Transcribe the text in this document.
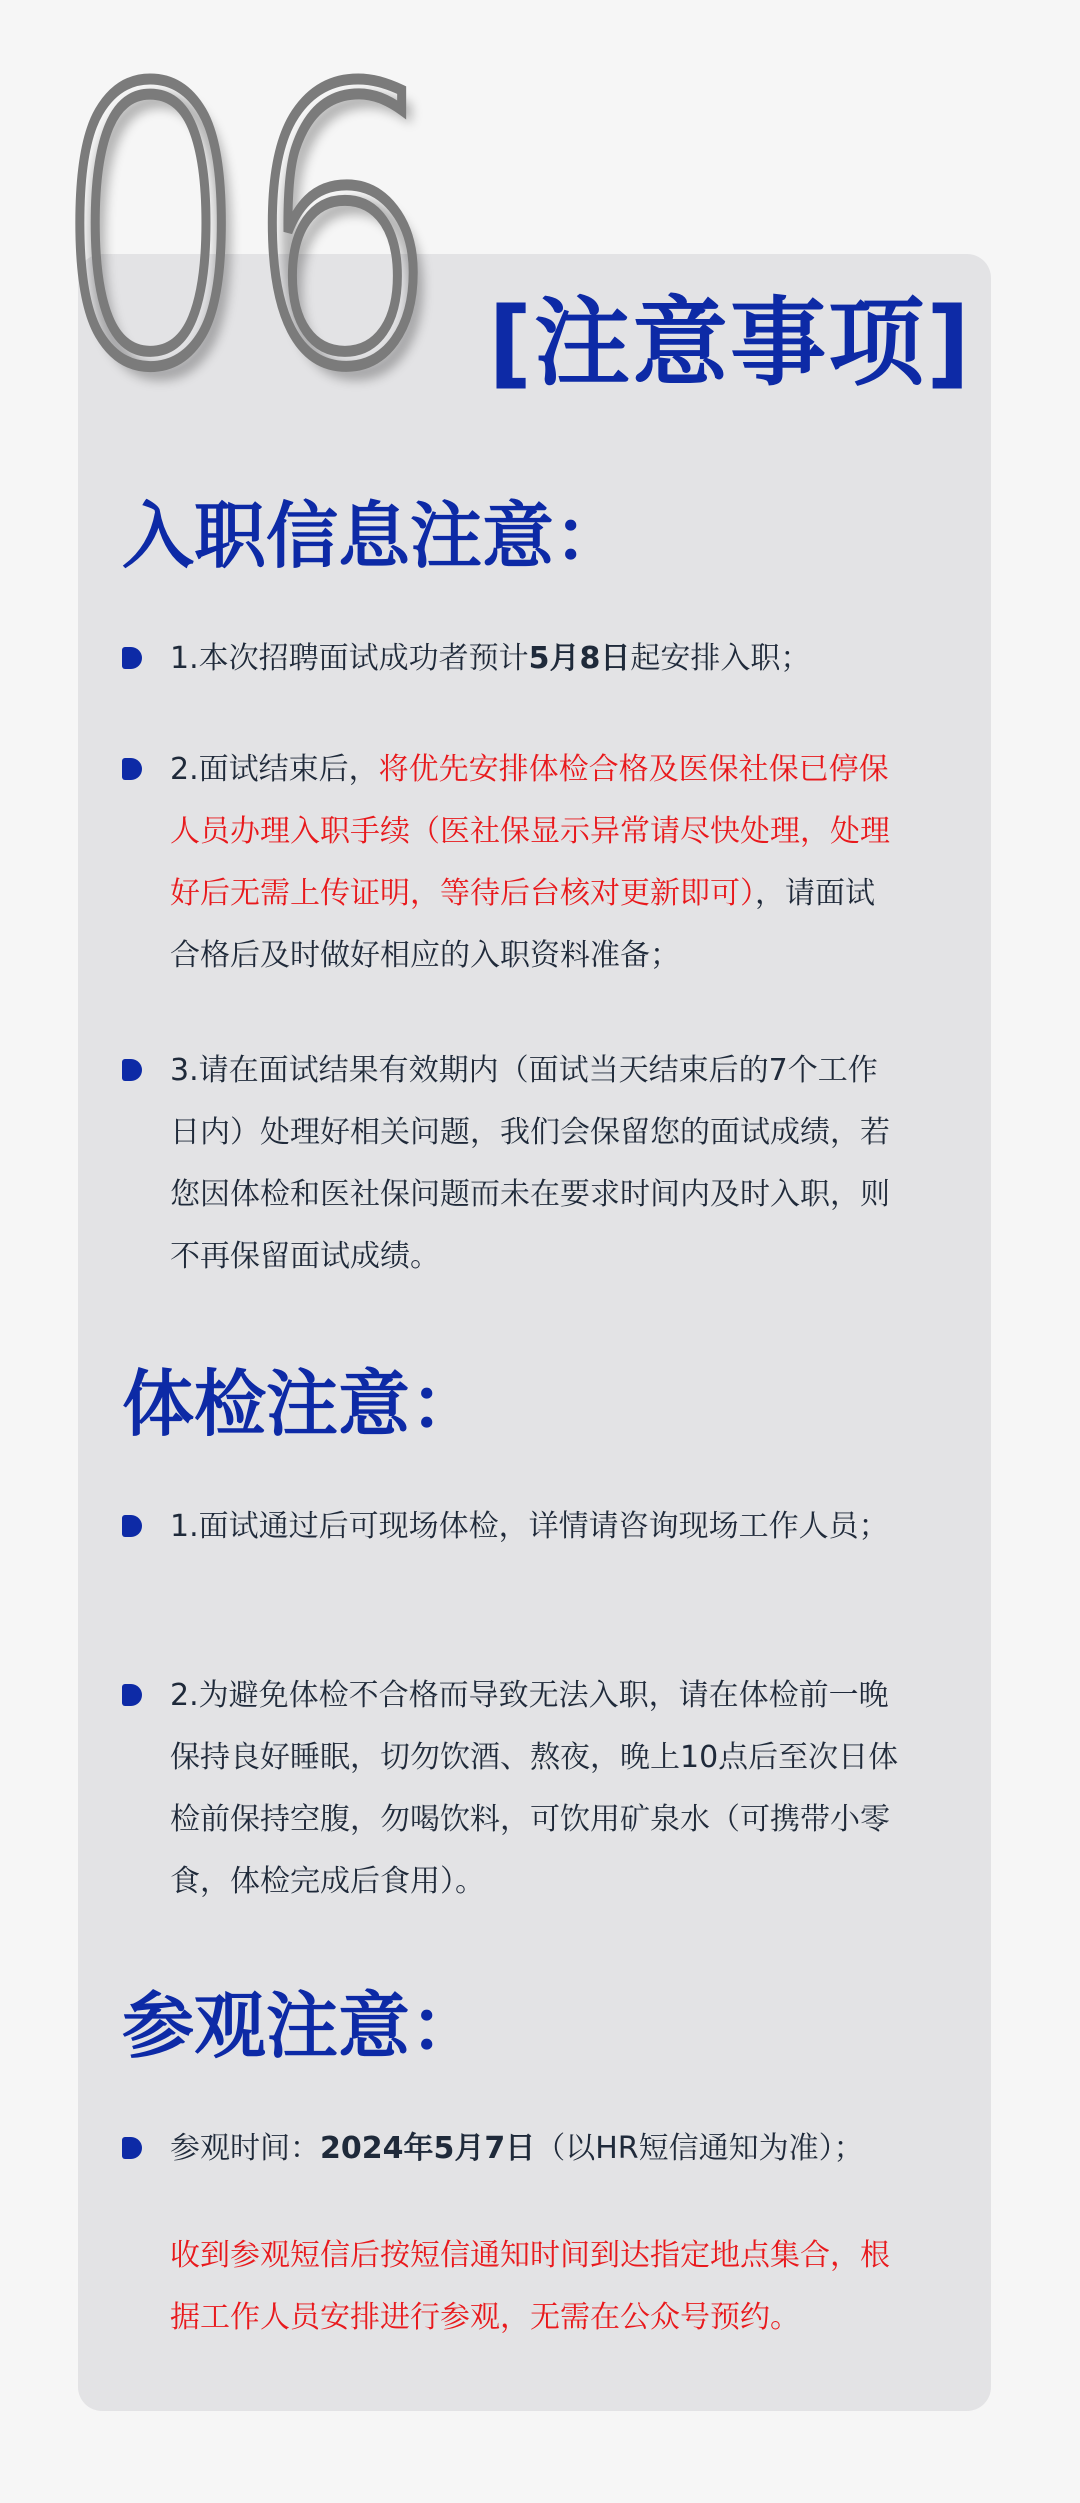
06 [注意事项]
入职信息注意：
1.本次招聘面试成功者预计5月8日起安排入职；
2.面试结束后，将优先安排体检合格及医保社保已停保人员办理入职手续（医社保显示异常请尽快处理，处理好后无需上传证明，等待后台核对更新即可），请面试合格后及时做好相应的入职资料准备；
3.请在面试结果有效期内（面试当天结束后的7个工作日内）处理好相关问题，我们会保留您的面试成绩，若您因体检和医社保问题而未在要求时间内及时入职，则不再保留面试成绩。
体检注意：
1.面试通过后可现场体检，详情请咨询现场工作人员；
2.为避免体检不合格而导致无法入职，请在体检前一晚保持良好睡眠，切勿饮酒、熬夜，晚上10点后至次日体检前保持空腹，勿喝饮料，可饮用矿泉水（可携带小零食，体检完成后食用）。
参观注意：
参观时间：2024年5月7日（以HR短信通知为准）；
收到参观短信后按短信通知时间到达指定地点集合，根据工作人员安排进行参观，无需在公众号预约。
